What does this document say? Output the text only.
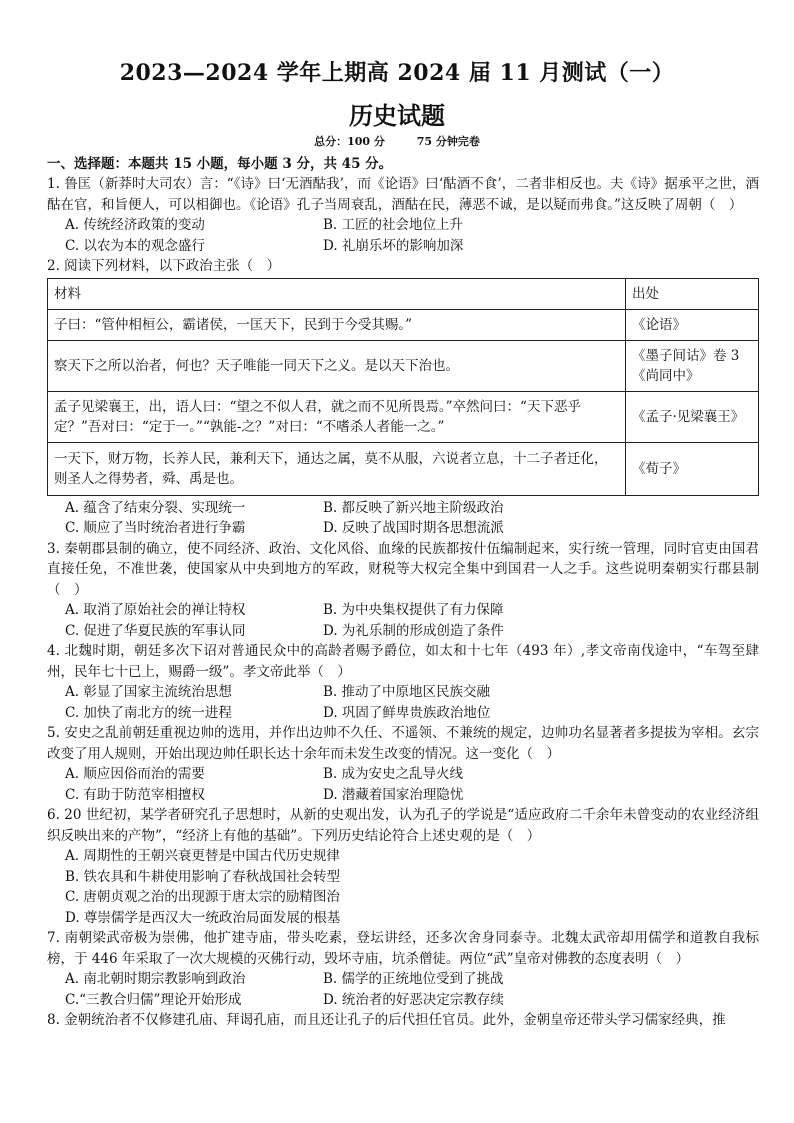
2023—2024 学年上期高 2024 届 11 月测试（一）
历史试题
总分：100 分	75 分钟完卷
一、选择题：本题共 15 小题，每小题 3 分，共 45 分。

1. 鲁匡（新莽时大司农）言：“《诗》曰‘无酒酤我’，而《论语》曰‘酤酒不食’，二者非相反也。夫《诗》据承平之世，酒酤在官，和旨便人，可以相御也。《论语》孔子当周衰乱，酒酤在民，薄恶不诚，是以疑而弗食。”这反映了周朝（　）

A. 传统经济政策的变动	B. 工匠的社会地位上升
C. 以农为本的观念盛行	D. 礼崩乐坏的影响加深

2. 阅读下列材料，以下政治主张（　）

材料	出处
子曰：“管仲相桓公，霸诸侯，一匡天下，民到于今受其赐。”	《论语》
察天下之所以治者，何也？天子唯能一同天下之义。是以天下治也。	《墨子间诂》卷 3《尚同中》
孟子见梁襄王，出，语人曰：“望之不似人君，就之而不见所畏焉。”卒然问曰：“天下恶乎定？”吾对曰：“定于一。”“孰能-之？”对曰：“不嗜杀人者能一之。”	《孟子·见梁襄王》
一天下，财万物，长养人民，兼利天下，通达之属，莫不从服，六说者立息，十二子者迁化，则圣人之得势者，舜、禹是也。	《荀子》
A. 蕴含了结束分裂、实现统一	B. 都反映了新兴地主阶级政治
C. 顺应了当时统治者进行争霸	D. 反映了战国时期各思想流派

3. 秦朝郡县制的确立，使不同经济、政治、文化风俗、血缘的民族都按什伍编制起来，实行统一管理，同时官吏由国君直接任免，不准世袭，使国家从中央到地方的军政，财税等大权完全集中到国君一人之手。这些说明秦朝实行郡县制（　）

A. 取消了原始社会的禅让特权	B. 为中央集权提供了有力保障
C. 促进了华夏民族的军事认同	D. 为礼乐制的形成创造了条件

4. 北魏时期，朝廷多次下诏对普通民众中的高龄者赐予爵位，如太和十七年（493 年）,孝文帝南伐途中，“车驾至肆州，民年七十已上，赐爵一级”。孝文帝此举（　）

A. 彰显了国家主流统治思想	B. 推动了中原地区民族交融
C. 加快了南北方的统一进程	D. 巩固了鲜卑贵族政治地位

5. 安史之乱前朝廷重视边帅的选用，并作出边帅不久任、不遥领、不兼统的规定，边帅功名显著者多提拔为宰相。玄宗改变了用人规则，开始出现边帅任职长达十余年而未发生改变的情况。这一变化（　）

A. 顺应因俗而治的需要	B. 成为安史之乱导火线
C. 有助于防范宰相擅权	D. 潜藏着国家治理隐忧

6. 20 世纪初，某学者研究孔子思想时，从新的史观出发，认为孔子的学说是“适应政府二千余年未曾变动的农业经济组织反映出来的产物”，“经济上有他的基础”。下列历史结论符合上述史观的是（　）

A. 周期性的王朝兴衰更替是中国古代历史规律
B. 铁农具和牛耕使用影响了春秋战国社会转型
C. 唐朝贞观之治的出现源于唐太宗的励精图治
D. 尊崇儒学是西汉大一统政治局面发展的根基

7. 南朝梁武帝极为崇佛，他扩建寺庙，带头吃素，登坛讲经，还多次舍身同泰寺。北魏太武帝却用儒学和道教自我标榜，于 446 年采取了一次大规模的灭佛行动，毁坏寺庙，坑杀僧徒。两位“武”皇帝对佛教的态度表明（　）

A. 南北朝时期宗教影响到政治	B. 儒学的正统地位受到了挑战
C.“三教合归儒”理论开始形成	D. 统治者的好恶决定宗教存续

8. 金朝统治者不仅修建孔庙、拜谒孔庙，而且还让孔子的后代担任官员。此外，金朝皇帝还带头学习儒家经典，推
